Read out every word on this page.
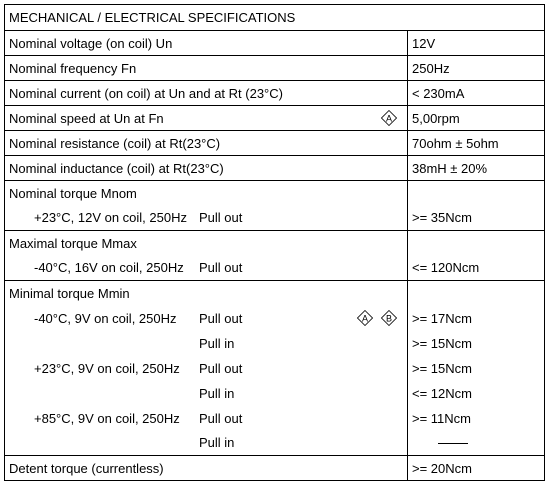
MECHANICAL / ELECTRICAL SPECIFICATIONS	
Nominal voltage (on coil) Un	12V
Nominal frequency Fn	250Hz
Nominal current (on coil) at Un and at Rt (23°C)	< 230mA
Nominal speed at Un at Fn A	5,00rpm
Nominal resistance (coil) at Rt(23°C)	70ohm ± 5ohm
Nominal inductance (coil) at Rt(23°C)	38mH ± 20%
Nominal torque Mnom	
+23°C, 12V on coil, 250Hz Pull out	>= 35Ncm
Maximal torque Mmax	
-40°C, 16V on coil, 250Hz Pull out	<= 120Ncm
Minimal torque Mmin	
-40°C, 9V on coil, 250Hz Pull out A B	>= 17Ncm
Pull in	>= 15Ncm
+23°C, 9V on coil, 250Hz Pull out	>= 15Ncm
Pull in	<= 12Ncm
+85°C, 9V on coil, 250Hz Pull out	>= 11Ncm
Pull in	
Detent torque (currentless)	>= 20Ncm
